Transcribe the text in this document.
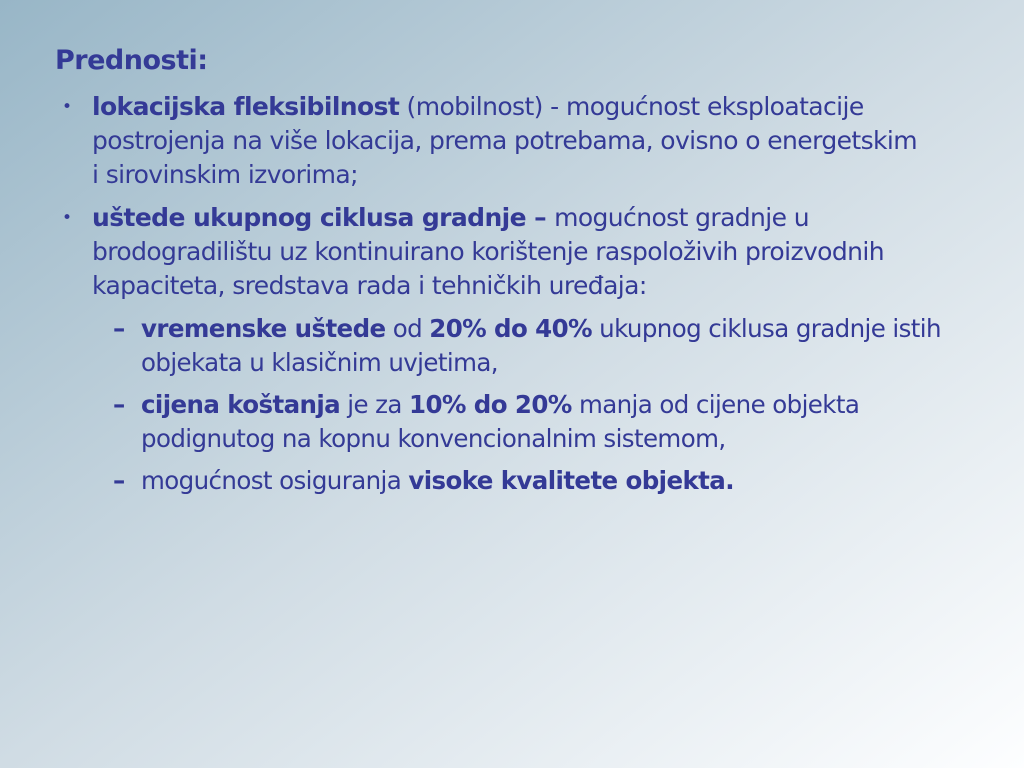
Prednosti:
• lokacijska fleksibilnost (mobilnost) - mogućnost eksploatacije postrojenja na više lokacija, prema potrebama, ovisno o energetskim i sirovinskim izvorima;
• uštede ukupnog ciklusa gradnje – mogućnost gradnje u brodogradilištu uz kontinuirano korištenje raspoloživih proizvodnih kapaciteta, sredstava rada i tehničkih uređaja:
– vremenske uštede od 20% do 40% ukupnog ciklusa gradnje istih objekata u klasičnim uvjetima,
– cijena koštanja je za 10% do 20% manja od cijene objekta podignutog na kopnu konvencionalnim sistemom,
– mogućnost osiguranja visoke kvalitete objekta.
